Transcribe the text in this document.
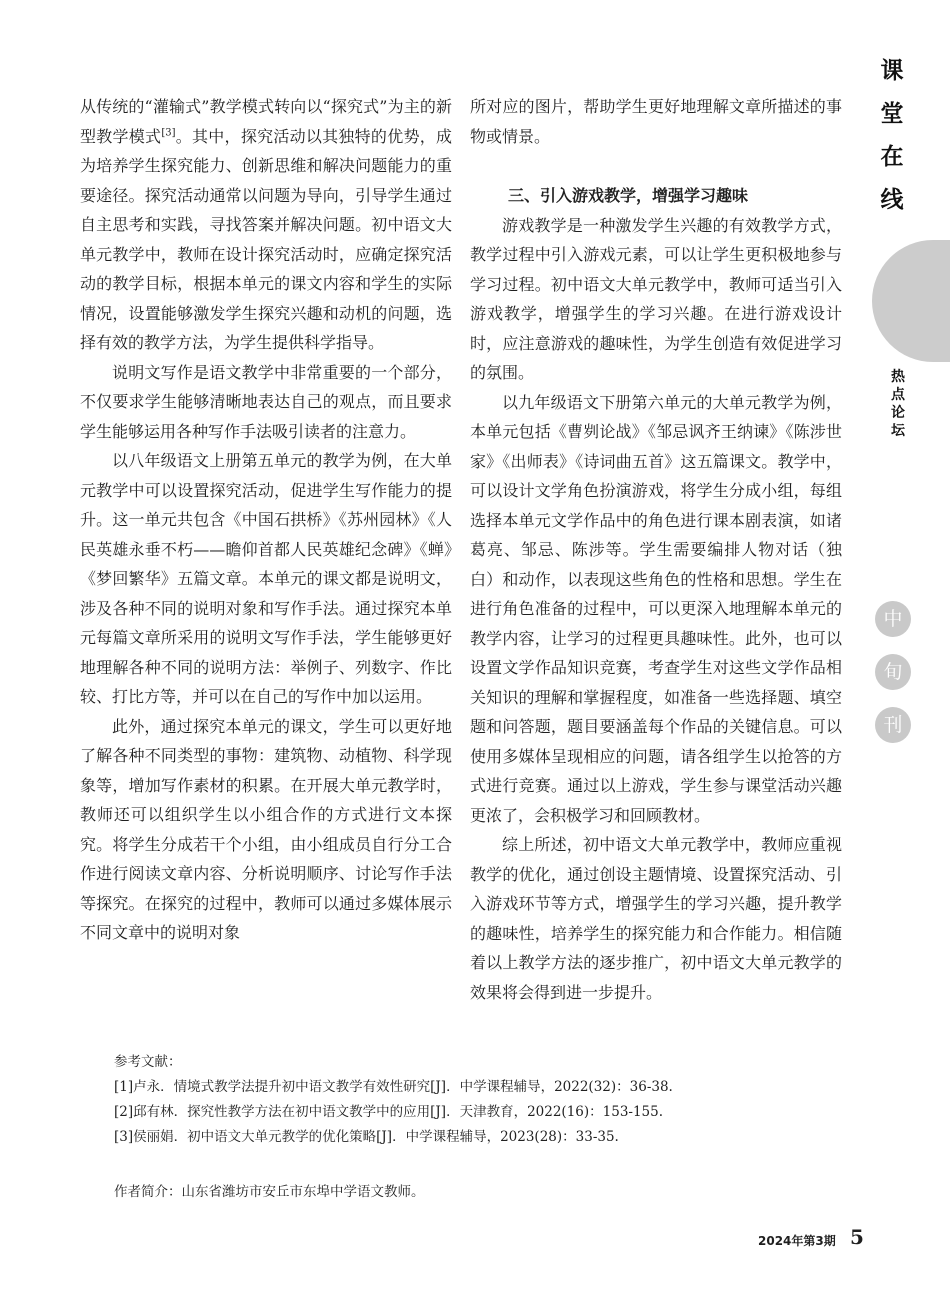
课
堂
在
线
热
点
论
坛
中
旬
刊

从传统的“灌输式”教学模式转向以“探究式”为主的新型教学模式[3]。其中，探究活动以其独特的优势，成为培养学生探究能力、创新思维和解决问题能力的重要途径。探究活动通常以问题为导向，引导学生通过自主思考和实践，寻找答案并解决问题。初中语文大单元教学中，教师在设计探究活动时，应确定探究活动的教学目标，根据本单元的课文内容和学生的实际情况，设置能够激发学生探究兴趣和动机的问题，选择有效的教学方法，为学生提供科学指导。

说明文写作是语文教学中非常重要的一个部分，不仅要求学生能够清晰地表达自己的观点，而且要求学生能够运用各种写作手法吸引读者的注意力。

以八年级语文上册第五单元的教学为例，在大单元教学中可以设置探究活动，促进学生写作能力的提升。这一单元共包含《中国石拱桥》《苏州园林》《人民英雄永垂不朽——瞻仰首都人民英雄纪念碑》《蝉》《梦回繁华》五篇文章。本单元的课文都是说明文，涉及各种不同的说明对象和写作手法。通过探究本单元每篇文章所采用的说明文写作手法，学生能够更好地理解各种不同的说明方法：举例子、列数字、作比较、打比方等，并可以在自己的写作中加以运用。

此外，通过探究本单元的课文，学生可以更好地了解各种不同类型的事物：建筑物、动植物、科学现象等，增加写作素材的积累。在开展大单元教学时，教师还可以组织学生以小组合作的方式进行文本探究。将学生分成若干个小组，由小组成员自行分工合作进行阅读文章内容、分析说明顺序、讨论写作手法等探究。在探究的过程中，教师可以通过多媒体展示不同文章中的说明对象

所对应的图片，帮助学生更好地理解文章所描述的事物或情景。

三、引入游戏教学，增强学习趣味

游戏教学是一种激发学生兴趣的有效教学方式，教学过程中引入游戏元素，可以让学生更积极地参与学习过程。初中语文大单元教学中，教师可适当引入游戏教学，增强学生的学习兴趣。在进行游戏设计时，应注意游戏的趣味性，为学生创造有效促进学习的氛围。

以九年级语文下册第六单元的大单元教学为例，本单元包括《曹刿论战》《邹忌讽齐王纳谏》《陈涉世家》《出师表》《诗词曲五首》这五篇课文。教学中，可以设计文学角色扮演游戏，将学生分成小组，每组选择本单元文学作品中的角色进行课本剧表演，如诸葛亮、邹忌、陈涉等。学生需要编排人物对话（独白）和动作，以表现这些角色的性格和思想。学生在进行角色准备的过程中，可以更深入地理解本单元的教学内容，让学习的过程更具趣味性。此外，也可以设置文学作品知识竞赛，考查学生对这些文学作品相关知识的理解和掌握程度，如准备一些选择题、填空题和问答题，题目要涵盖每个作品的关键信息。可以使用多媒体呈现相应的问题，请各组学生以抢答的方式进行竞赛。通过以上游戏，学生参与课堂活动兴趣更浓了，会积极学习和回顾教材。

综上所述，初中语文大单元教学中，教师应重视教学的优化，通过创设主题情境、设置探究活动、引入游戏环节等方式，增强学生的学习兴趣，提升教学的趣味性，培养学生的探究能力和合作能力。相信随着以上教学方法的逐步推广，初中语文大单元教学的效果将会得到进一步提升。

参考文献：
[1]卢永．情境式教学法提升初中语文教学有效性研究[J]．中学课程辅导，2022(32)：36-38.
[2]邱有林．探究性教学方法在初中语文教学中的应用[J]．天津教育，2022(16)：153-155.
[3]侯丽娟．初中语文大单元教学的优化策略[J]．中学课程辅导，2023(28)：33-35.
作者简介：山东省潍坊市安丘市东埠中学语文教师。
2024年第3期 5
